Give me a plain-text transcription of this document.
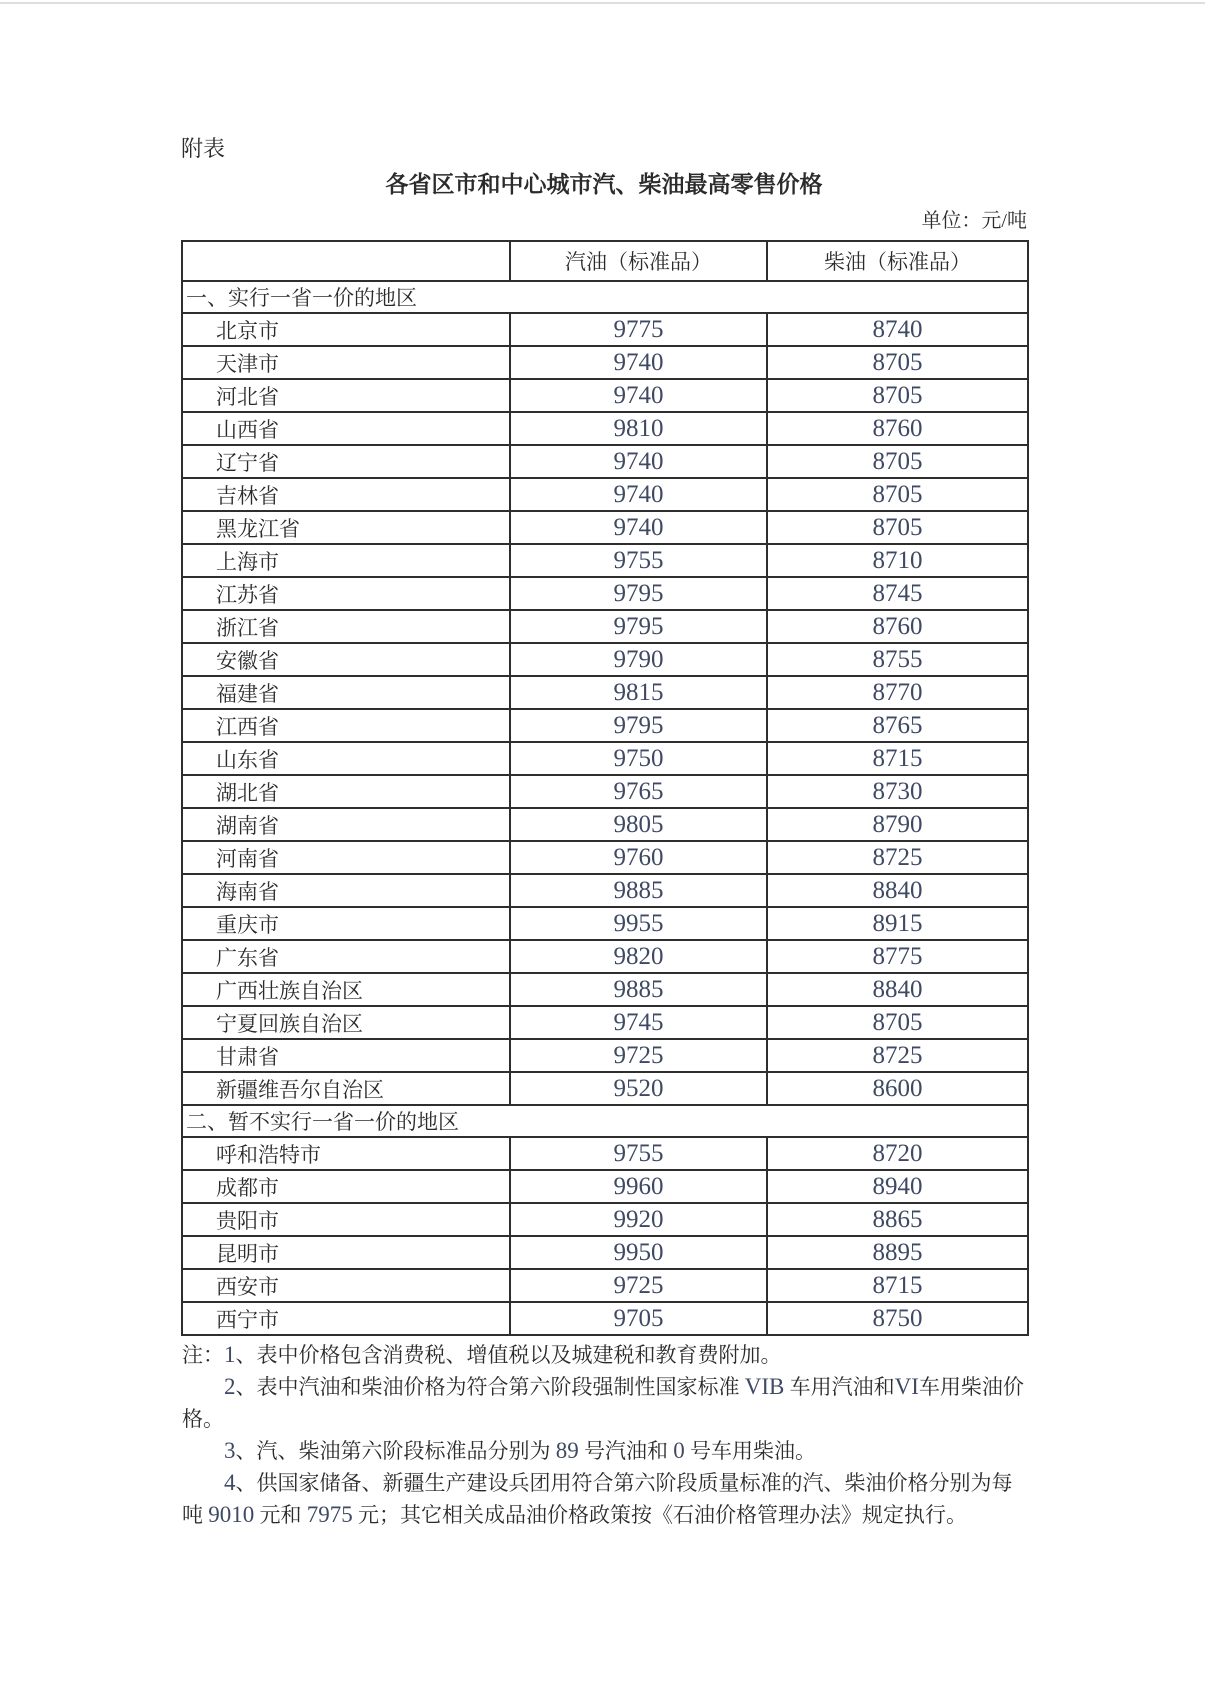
附表
各省区市和中心城市汽、柴油最高零售价格
单位：元/吨
	汽油（标准品）	柴油（标准品）
一、实行一省一价的地区		
北京市	9775	8740
天津市	9740	8705
河北省	9740	8705
山西省	9810	8760
辽宁省	9740	8705
吉林省	9740	8705
黑龙江省	9740	8705
上海市	9755	8710
江苏省	9795	8745
浙江省	9795	8760
安徽省	9790	8755
福建省	9815	8770
江西省	9795	8765
山东省	9750	8715
湖北省	9765	8730
湖南省	9805	8790
河南省	9760	8725
海南省	9885	8840
重庆市	9955	8915
广东省	9820	8775
广西壮族自治区	9885	8840
宁夏回族自治区	9745	8705
甘肃省	9725	8725
新疆维吾尔自治区	9520	8600
二、暂不实行一省一价的地区		
呼和浩特市	9755	8720
成都市	9960	8940
贵阳市	9920	8865
昆明市	9950	8895
西安市	9725	8715
西宁市	9705	8750
注：1、表中价格包含消费税、增值税以及城建税和教育费附加。
2、表中汽油和柴油价格为符合第六阶段强制性国家标准 VIB 车用汽油和VI车用柴油价
格。
3、汽、柴油第六阶段标准品分别为 89 号汽油和 0 号车用柴油。
4、供国家储备、新疆生产建设兵团用符合第六阶段质量标准的汽、柴油价格分别为每
吨 9010 元和 7975 元；其它相关成品油价格政策按《石油价格管理办法》规定执行。
